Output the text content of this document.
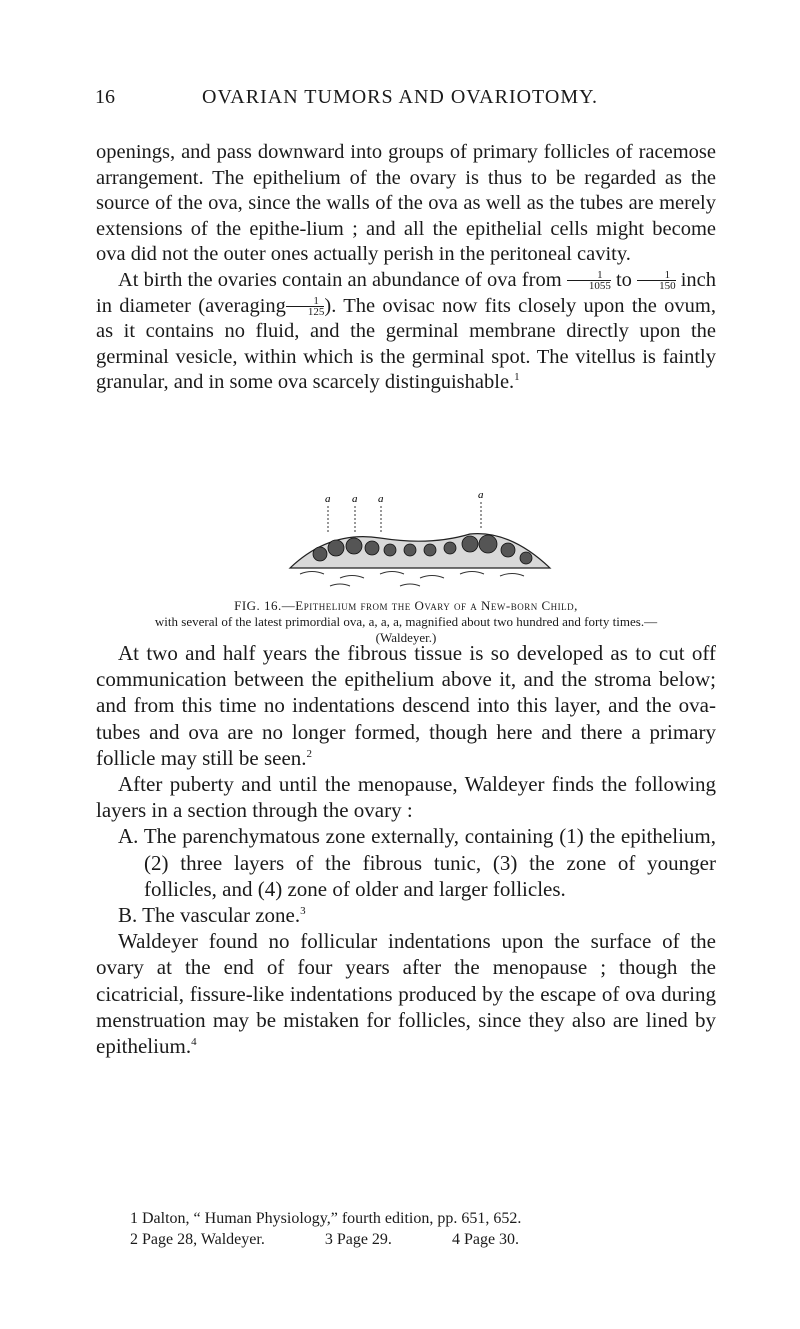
16	OVARIAN TUMORS AND OVARIOTOMY.

openings, and pass downward into groups of primary follicles of racemose arrangement. The epithelium of the ovary is thus to be regarded as the source of the ova, since the walls of the ova as well as the tubes are merely extensions of the epithe-lium ; and all the epithelial cells might become ova did not the outer ones actually perish in the peritoneal cavity.

At birth the ovaries contain an abundance of ova from $\frac{1}{1055}$ to $\frac{1}{150}$ inch in diameter (averaging $\frac{1}{125}$ ). The ovisac now fits closely upon the ovum, as it contains no fluid, and the germinal membrane directly upon the germinal vesicle, within which is the germinal spot. The vitellus is faintly granular, and in some ova scarcely distinguishable.$^1$

a a a	a
FIG. 16.—Epithelium from the Ovary of a New-born Child,
with several of the latest primordial ova, a, a, a, magnified about two hundred and forty times.—
(Waldeyer.)

At two and half years the fibrous tissue is so developed as to cut off communication between the epithelium above it, and the stroma below; and from this time no indentations descend into this layer, and the ova-tubes and ova are no longer formed, though here and there a primary follicle may still be seen.$^2$

After puberty and until the menopause, Waldeyer finds the following layers in a section through the ovary :

A. The parenchymatous zone externally, containing (1) the epithelium, (2) three layers of the fibrous tunic, (3) the zone of younger follicles, and (4) zone of older and larger follicles.

B. The vascular zone.$^3$

Waldeyer found no follicular indentations upon the surface of the ovary at the end of four years after the menopause ; though the cicatricial, fissure-like indentations produced by the escape of ova during menstruation may be mistaken for follicles, since they also are lined by epithelium.$^4$

1 Dalton, “ Human Physiology,” fourth edition, pp. 651, 652.
2 Page 28, Waldeyer.	3 Page 29.	4 Page 30.
